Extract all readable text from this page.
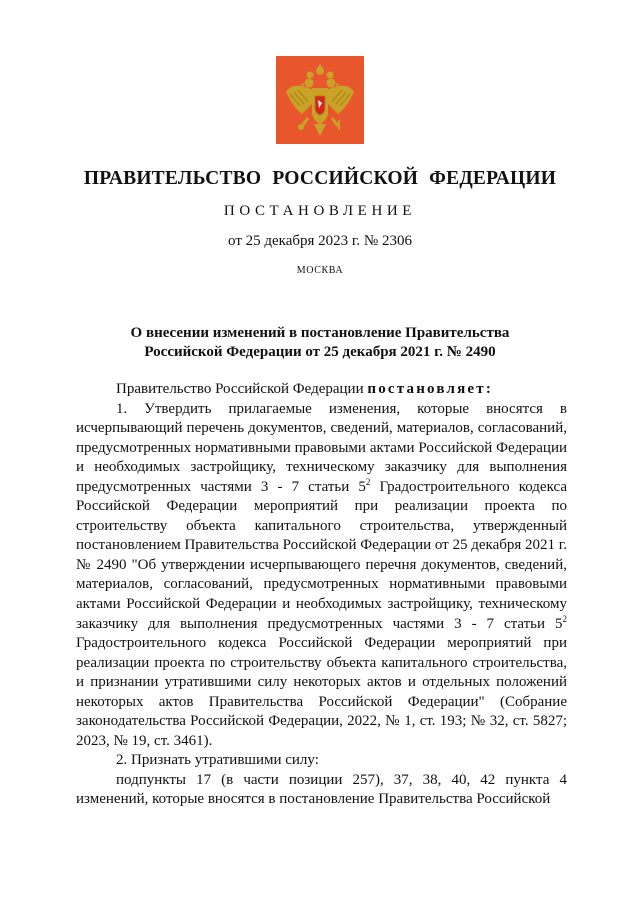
ПРАВИТЕЛЬСТВО РОССИЙСКОЙ ФЕДЕРАЦИИ
ПОСТАНОВЛЕНИЕ
от 25 декабря 2023 г. № 2306
МОСКВА
О внесении изменений в постановление Правительства
Российской Федерации от 25 декабря 2021 г. № 2490

Правительство Российской Федерации постановляет:

1. Утвердить прилагаемые изменения, которые вносятся в исчерпывающий перечень документов, сведений, материалов, согласований, предусмотренных нормативными правовыми актами Российской Федерации и необходимых застройщику, техническому заказчику для выполнения предусмотренных частями 3 - 7 статьи $5^2$ Градостроительного кодекса Российской Федерации мероприятий при реализации проекта по строительству объекта капитального строительства, утвержденный постановлением Правительства Российской Федерации от 25 декабря 2021 г. № 2490 "Об утверждении исчерпывающего перечня документов, сведений, материалов, согласований, предусмотренных нормативными правовыми актами Российской Федерации и необходимых застройщику, техническому заказчику для выполнения предусмотренных частями 3 - 7 статьи $5^2$ Градостроительного кодекса Российской Федерации мероприятий при реализации проекта по строительству объекта капитального строительства, и признании утратившими силу некоторых актов и отдельных положений некоторых актов Правительства Российской Федерации" (Собрание законодательства Российской Федерации, 2022, № 1, ст. 193; № 32, ст. 5827; 2023, № 19, ст. 3461).

2. Признать утратившими силу:

подпункты 17 (в части позиции 257), 37, 38, 40, 42 пункта 4 изменений, которые вносятся в постановление Правительства Российской
